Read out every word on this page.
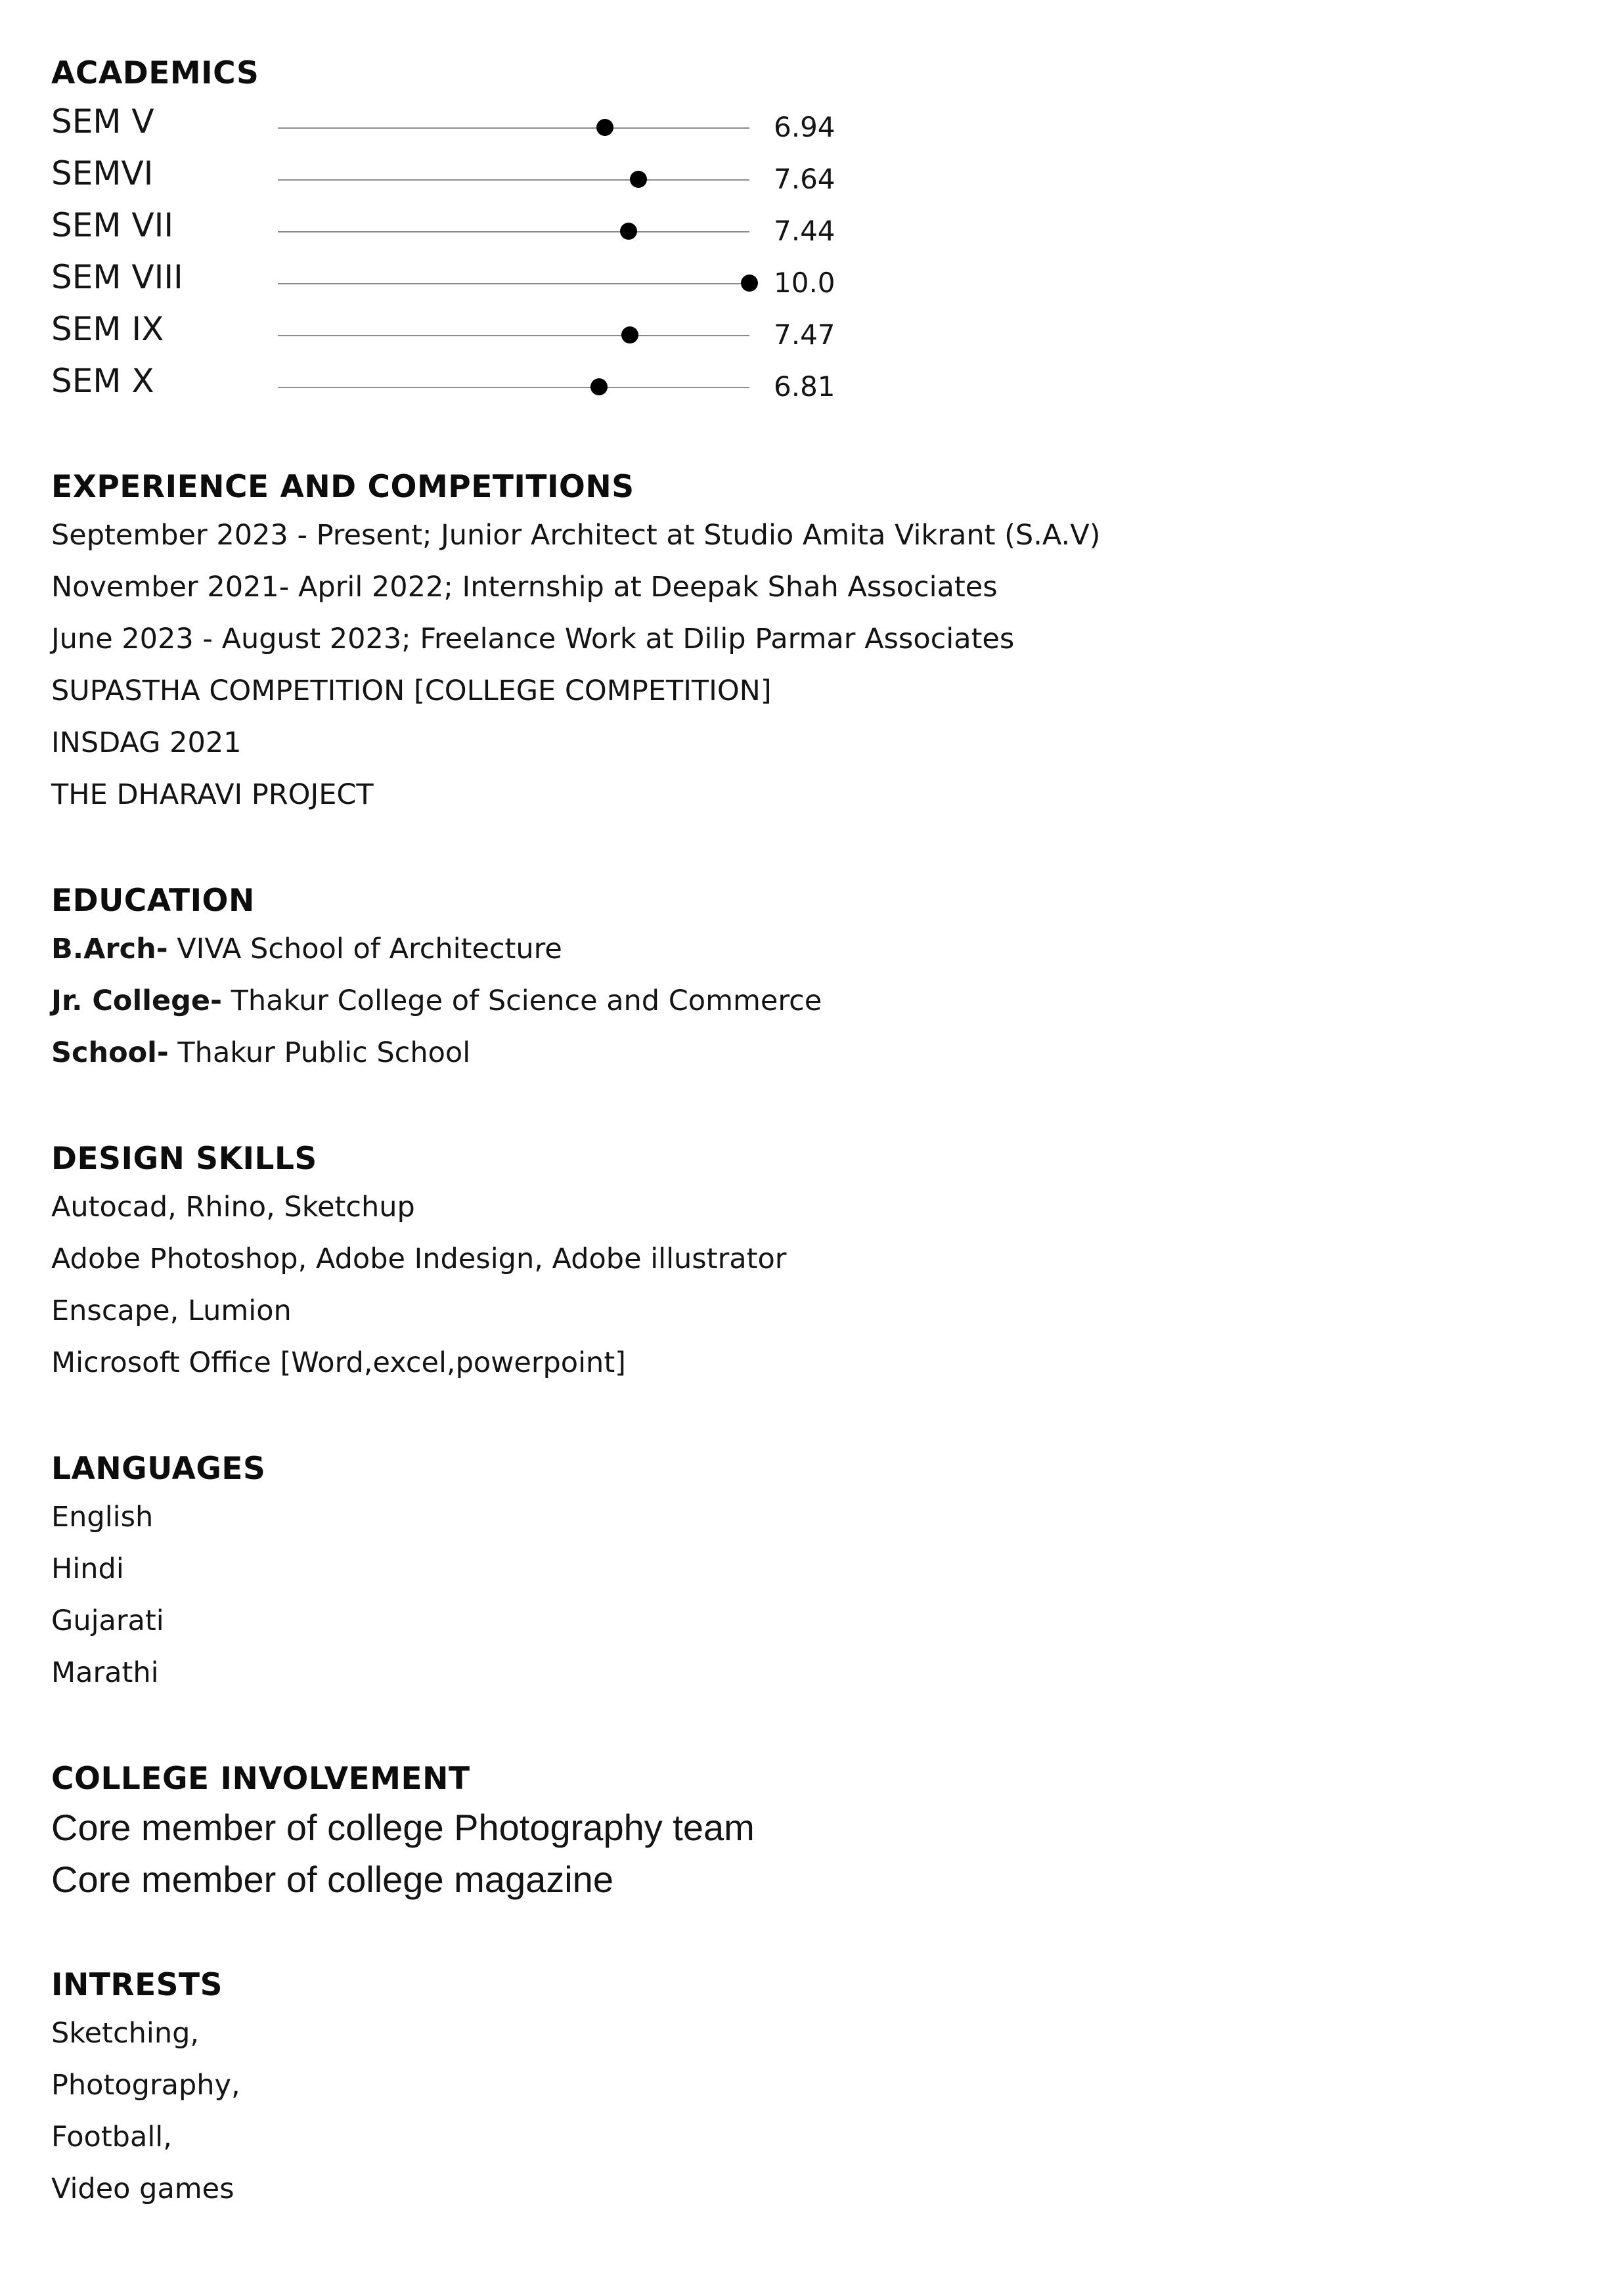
ACADEMICS
SEM V	6.94
SEMVI	7.64
SEM VII	7.44
SEM VIII	10.0
SEM IX	7.47
SEM X	6.81
EXPERIENCE AND COMPETITIONS
September 2023 - Present; Junior Architect at Studio Amita Vikrant (S.A.V)
November 2021- April 2022; Internship at Deepak Shah Associates
June 2023 - August 2023; Freelance Work at Dilip Parmar Associates
SUPASTHA COMPETITION [COLLEGE COMPETITION]
INSDAG 2021
THE DHARAVI PROJECT
EDUCATION
B.Arch- VIVA School of Architecture
Jr. College- Thakur College of Science and Commerce
School- Thakur Public School
DESIGN SKILLS
Autocad, Rhino, Sketchup
Adobe Photoshop, Adobe Indesign, Adobe illustrator
Enscape, Lumion
Microsoft Office [Word,excel,powerpoint]
LANGUAGES
English
Hindi
Gujarati
Marathi
COLLEGE INVOLVEMENT
Core member of college Photography team
Core member of college magazine
INTRESTS
Sketching,
Photography,
Football,
Video games
